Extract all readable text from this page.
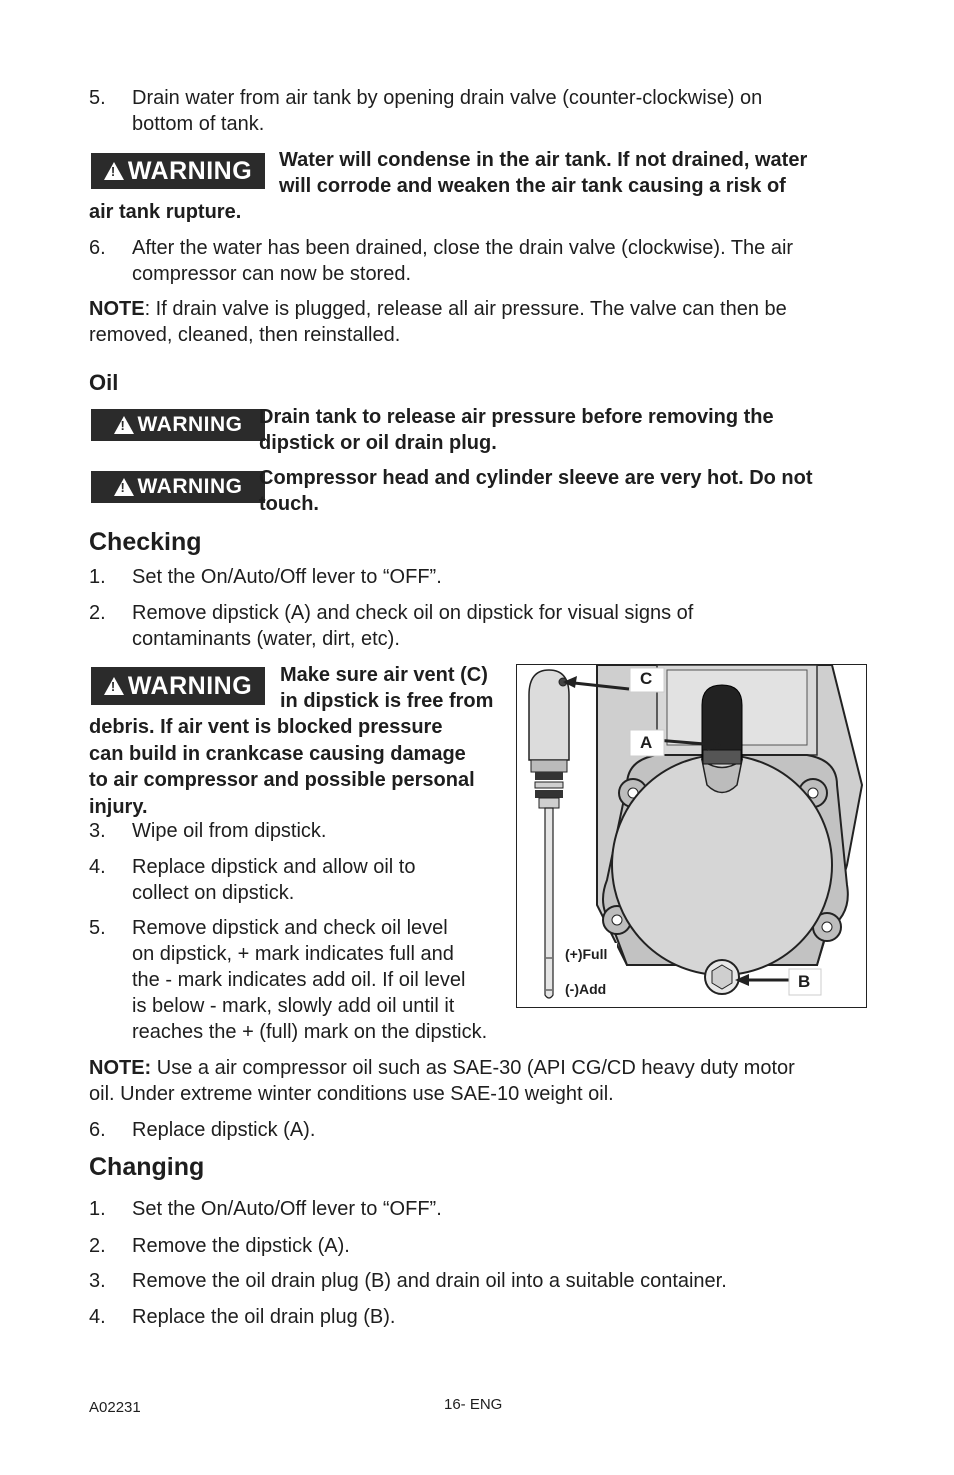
5. Drain water from air tank by opening drain valve (counter-clockwise) on
bottom of tank.
!
WARNING Water will condense in the air tank. If not drained, water
will corrode and weaken the air tank causing a risk of
air tank rupture.
6. After the water has been drained, close the drain valve (clockwise). The air
compressor can now be stored.
NOTE: If drain valve is plugged, release all air pressure. The valve can then be
removed, cleaned, then reinstalled.
Oil
!
WARNING Drain tank to release air pressure before removing the
dipstick or oil drain plug.
!
WARNING Compressor head and cylinder sleeve are very hot. Do not
touch.
Checking
1. Set the On/Auto/Off lever to “OFF”.
2. Remove dipstick (A) and check oil on dipstick for visual signs of
contaminants (water, dirt, etc).
!
WARNING Make sure air vent (C)
in dipstick is free from
debris. If air vent is blocked pressure
can build in crankcase causing damage
to air compressor and possible personal
injury.
3. Wipe oil from dipstick.
4. Replace dipstick and allow oil to
collect on dipstick.
5. Remove dipstick and check oil level
on dipstick, + mark indicates full and
the - mark indicates add oil. If oil level
is below - mark, slowly add oil until it
reaches the + (full) mark on the dipstick.
C
A
B
(+)Full
(-)Add
NOTE: Use a air compressor oil such as SAE-30 (API CG/CD heavy duty motor
oil. Under extreme winter conditions use SAE-10 weight oil.
6. Replace dipstick (A).
Changing
1. Set the On/Auto/Off lever to “OFF”.
2. Remove the dipstick (A).
3. Remove the oil drain plug (B) and drain oil into a suitable container.
4. Replace the oil drain plug (B).
A02231	16- ENG
